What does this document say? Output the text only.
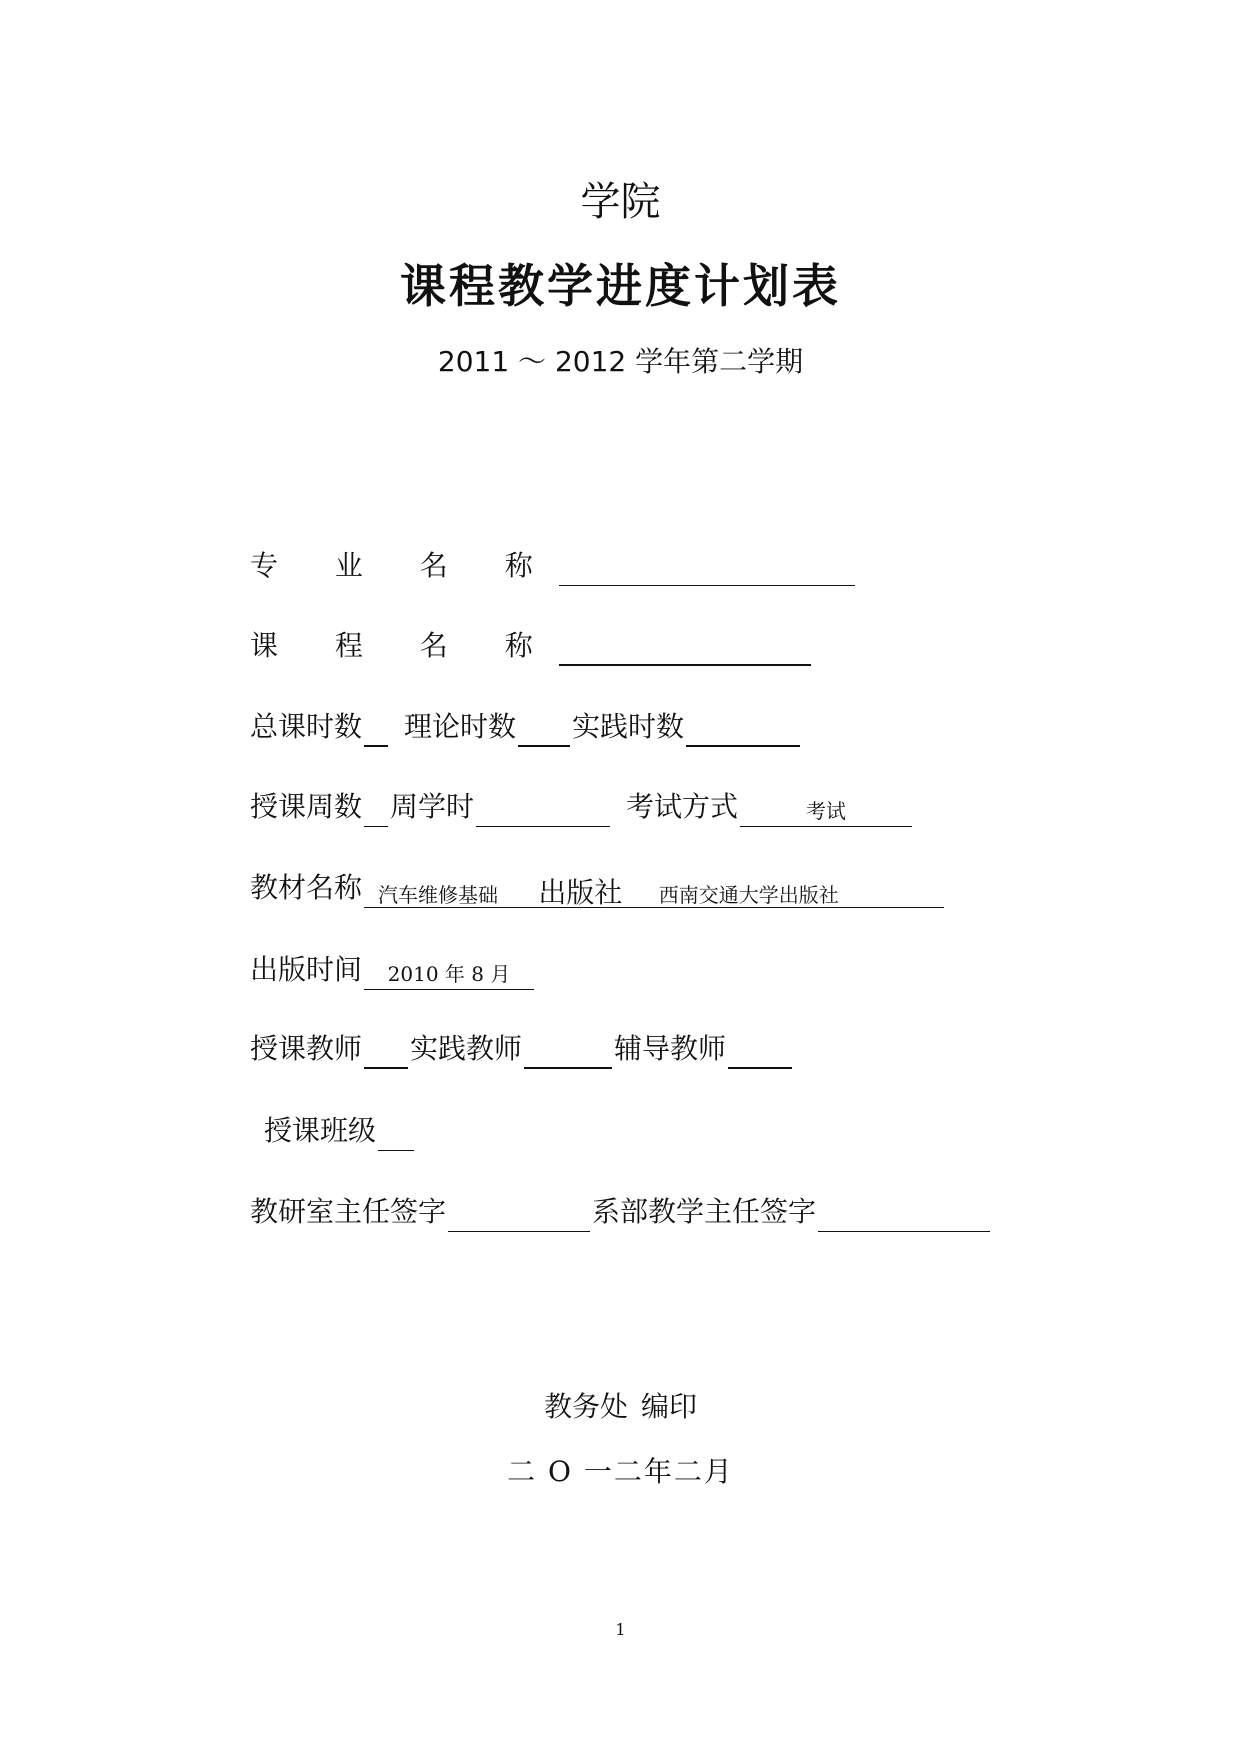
学院
课程教学进度计划表
2011 ～ 2012 学年第二学期
专 业 名 称
课 程 名 称
总课时数 理论时数 实践时数
授课周数 周学时	考试方式	考试
教材名称 汽车维修基础 出版社 西南交通大学出版社
出版时间	2010 年 8 月
授课教师 实践教师	辅导教师
授课班级
教研室主任签字	系部教学主任签字
教务处 编印
二 O 一二年二月
1
